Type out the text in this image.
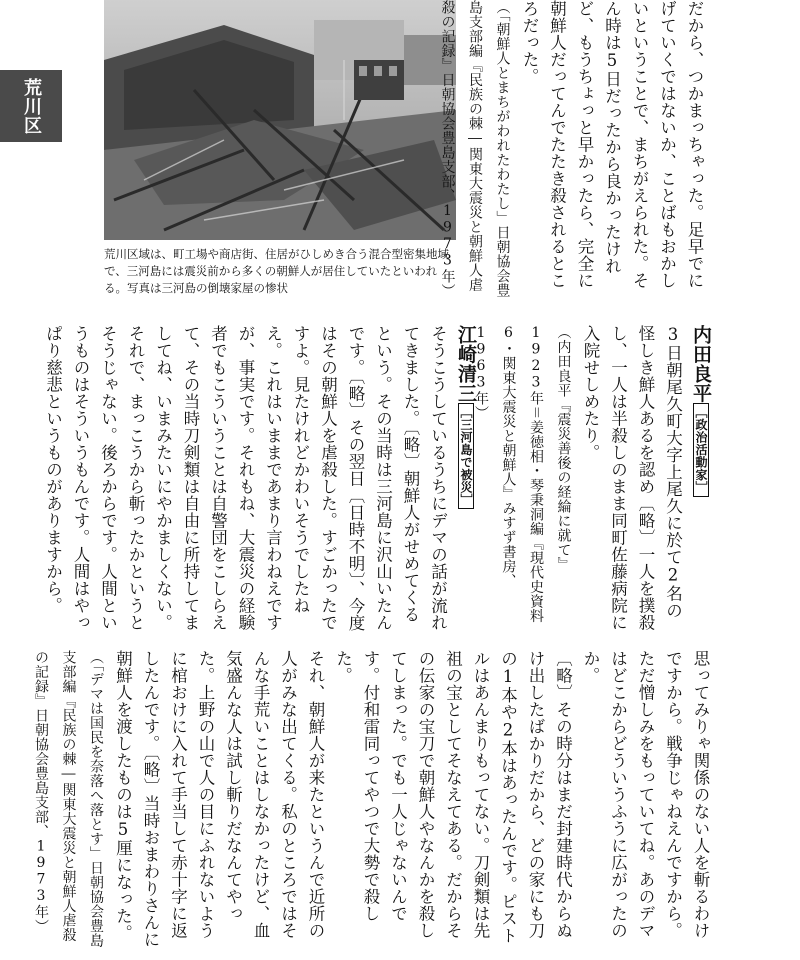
荒川区

荒川区域は、町工場や商店街、住居がひしめき合う混合型密集地域で、三河島には震災前から多くの朝鮮人が居住していたといわれる。写真は三河島の倒壊家屋の惨状	だから、つかまっちゃった。足早でにげていくではないか、ことばもおかしいということで、まちがえられた。そん時は5日だったから良かったけれど、もうちょっと早かったら、完全に朝鮮人だってんでたたき殺されるところだった。

（「朝鮮人とまちがわれたわたし」日朝協会豊島支部編『民族の棘―関東大震災と朝鮮人虐殺の記録』日朝協会豊島支部、1973年）

内田良平［政治活動家］

3日朝尾久町大字上尾久に於て2名の怪しき鮮人あるを認め〔略〕一人を撲殺し、一人は半殺しのまま同町佐藤病院に入院せしめたり。

（内田良平『震災善後の経綸に就て』1923年＝姜徳相・琴秉洞編『現代史資料6・関東大震災と朝鮮人』みすず書房、1963年）

江崎清三［三河島で被災］

そうこうしているうちにデマの話が流れてきました。〔略〕朝鮮人がせめてくるという。その当時は三河島に沢山いたんです。〔略〕その翌日〔日時不明〕、今度はその朝鮮人を虐殺した。すごかったですよ。見たけれどかわいそうでしたねえ。これはいままであまり言わねえですが、事実です。それもね、大震災の経験者でもこういうことは自警団をこしらえて、その当時刀剣類は自由に所持してましてね、いまみたいにやかましくない。それで、まっこうから斬ったかというとそうじゃない。後ろからです。人間というものはそういうもんです。人間はやっぱり慈悲というものがありますから。

思ってみりゃ関係のない人を斬るわけですから。戦争じゃねえんですから。ただ憎しみをもっていてね。あのデマはどこからどういうふうに広がったのか。

〔略〕その時分はまだ封建時代からぬけ出したばかりだから、どの家にも刀の1本や2本はあったんです。ピストルはあんまりもってない。刀剣類は先祖の宝としてそなえてある。だからその伝家の宝刀で朝鮮人やなんかを殺してしまった。でも一人じゃないんです。付和雷同ってやつで大勢で殺した。

それ、朝鮮人が来たというんで近所の人がみな出てくる。私のところではそんな手荒いことはしなかったけど、血気盛んな人は試し斬りだなんてやった。上野の山で人の目にふれないように棺おけに入れて手当して赤十字に返したんです。〔略〕当時おまわりさんに朝鮮人を渡したものは5厘になった。

（「デマは国民を奈落へ落とす」日朝協会豊島支部編『民族の棘―関東大震災と朝鮮人虐殺の記録』日朝協会豊島支部、1973年）
